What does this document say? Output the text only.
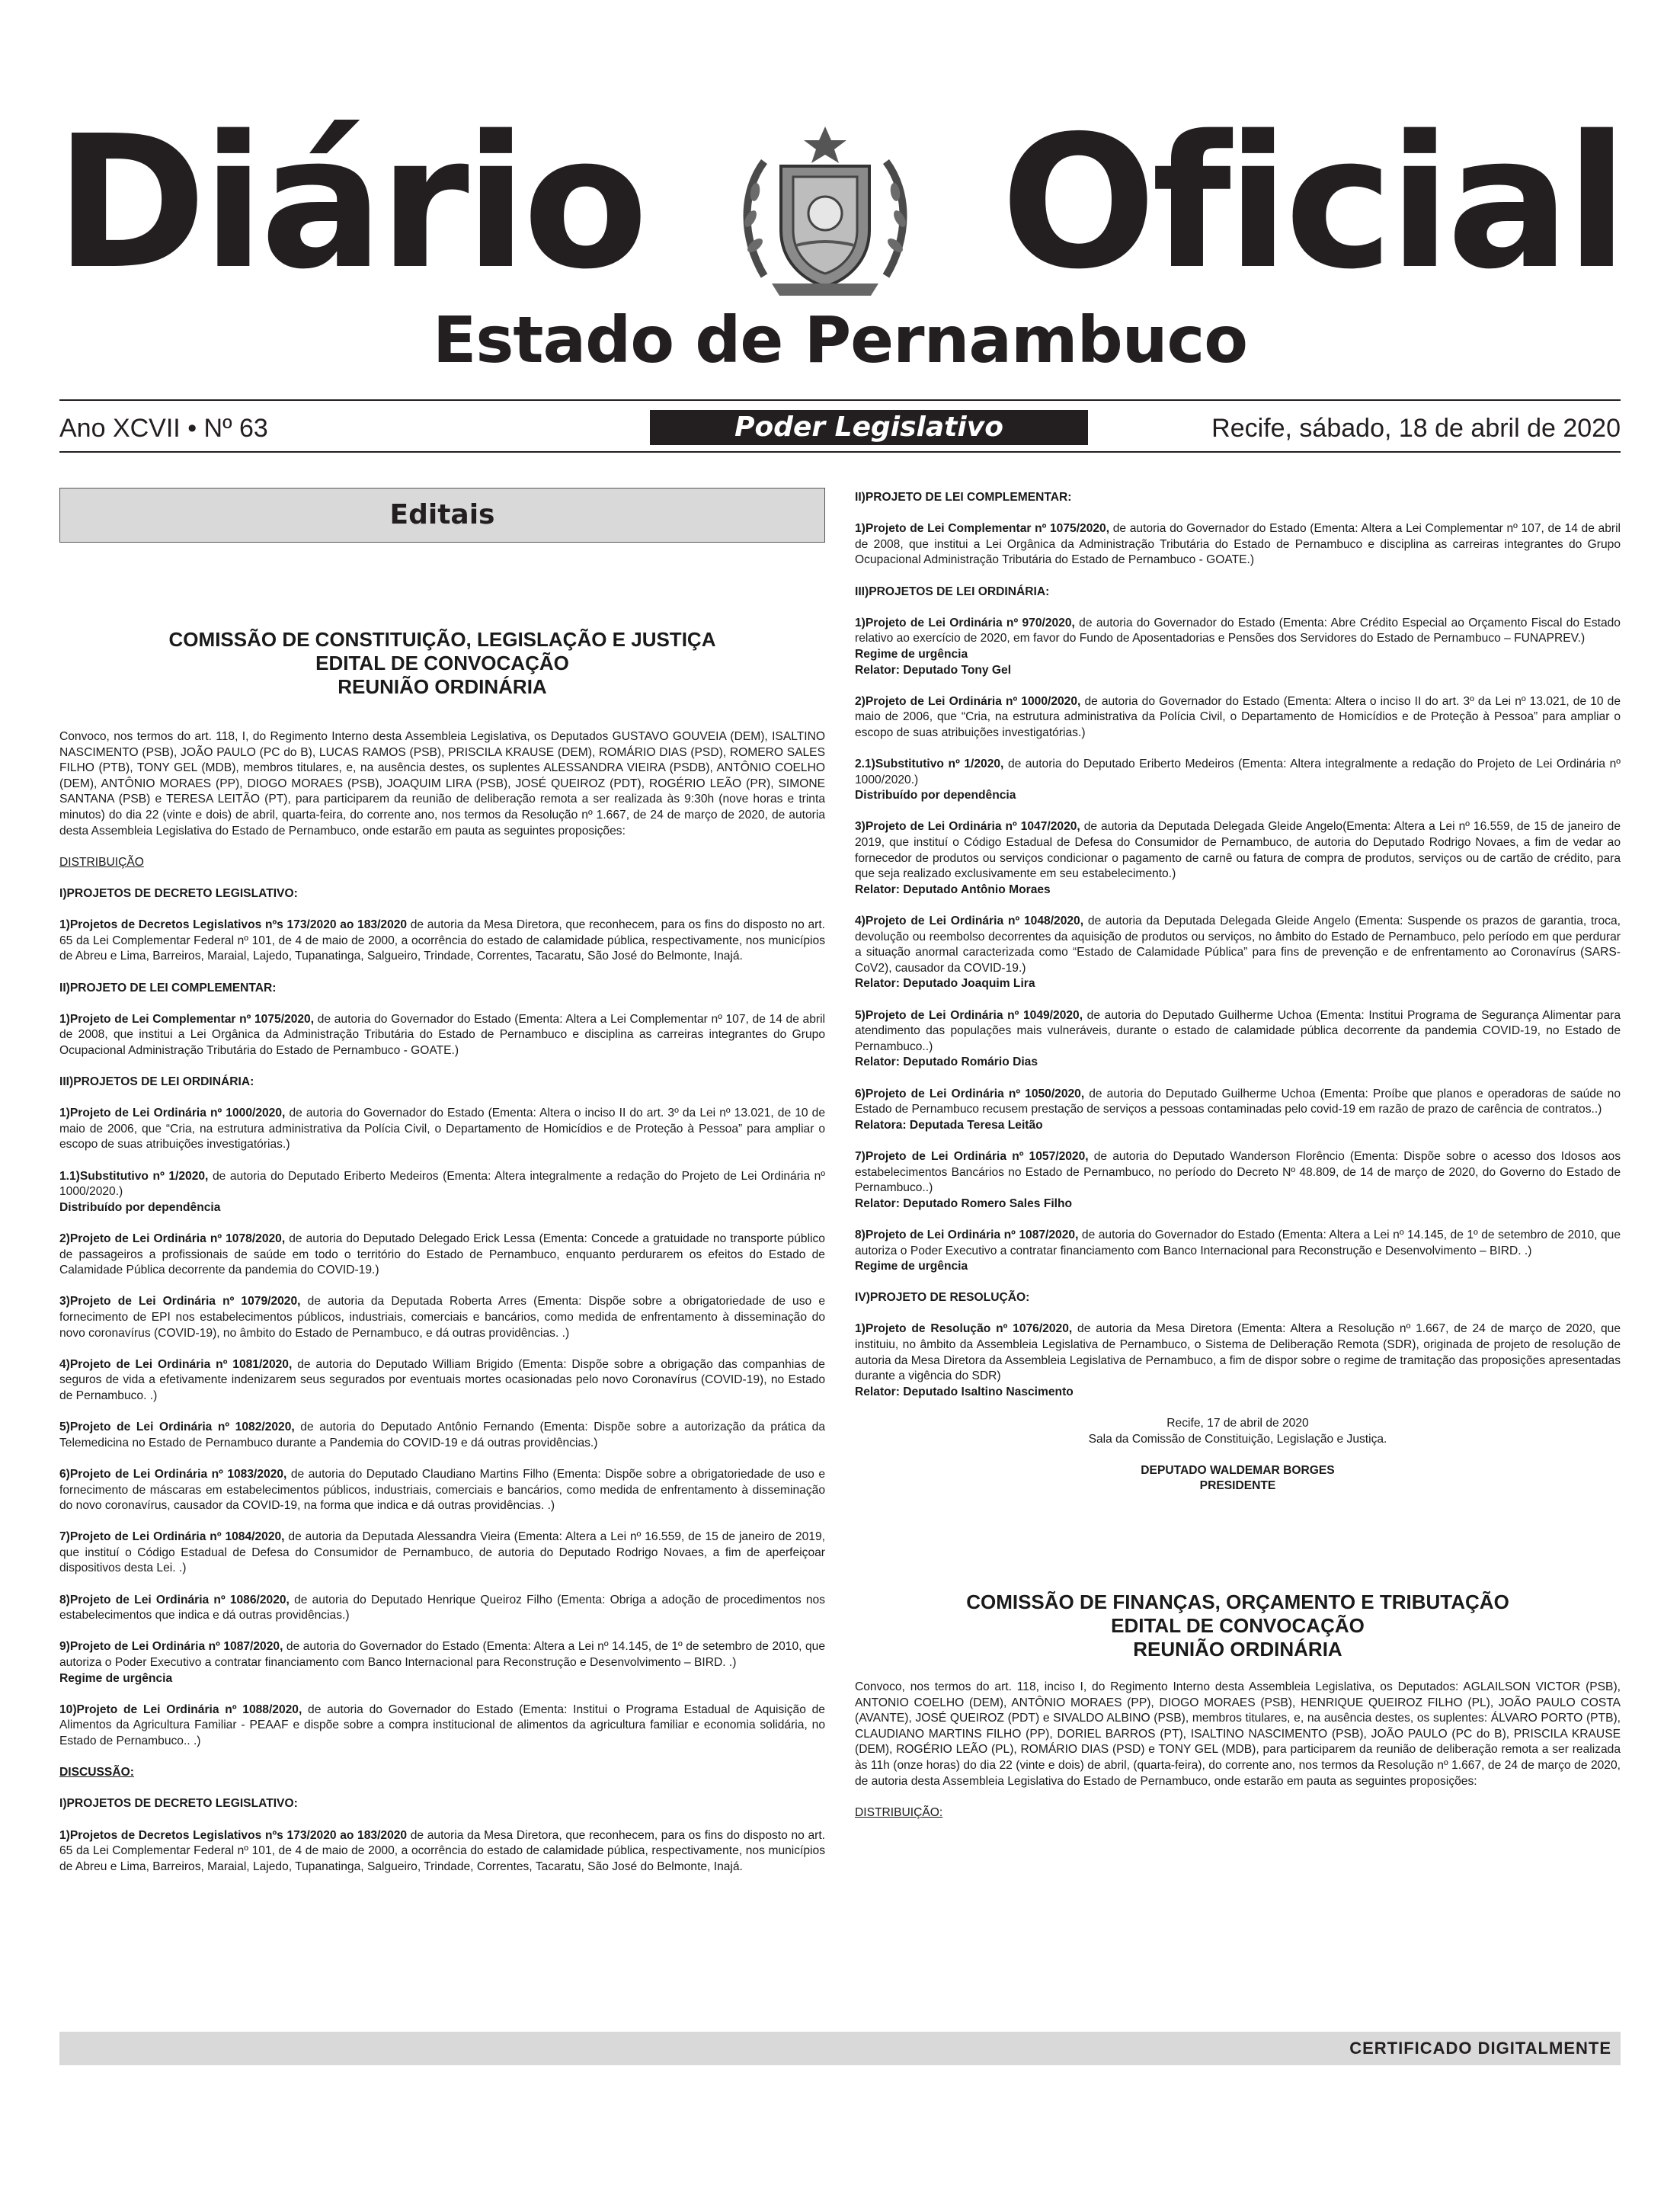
Diário Oficial
Estado de Pernambuco
Ano XCVII • Nº 63	Poder Legislativo	Recife, sábado, 18 de abril de 2020
Editais
COMISSÃO DE CONSTITUIÇÃO, LEGISLAÇÃO E JUSTIÇA
EDITAL DE CONVOCAÇÃO
REUNIÃO ORDINÁRIA

Convoco, nos termos do art. 118, I, do Regimento Interno desta Assembleia Legislativa, os Deputados GUSTAVO GOUVEIA (DEM), ISALTINO NASCIMENTO (PSB), JOÃO PAULO (PC do B), LUCAS RAMOS (PSB), PRISCILA KRAUSE (DEM), ROMÁRIO DIAS (PSD), ROMERO SALES FILHO (PTB), TONY GEL (MDB), membros titulares, e, na ausência destes, os suplentes ALESSANDRA VIEIRA (PSDB), ANTÔNIO COELHO (DEM), ANTÔNIO MORAES (PP), DIOGO MORAES (PSB), JOAQUIM LIRA (PSB), JOSÉ QUEIROZ (PDT), ROGÉRIO LEÃO (PR), SIMONE SANTANA (PSB) e TERESA LEITÃO (PT), para participarem da reunião de deliberação remota a ser realizada às 9:30h (nove horas e trinta minutos) do dia 22 (vinte e dois) de abril, quarta-feira, do corrente ano, nos termos da Resolução nº 1.667, de 24 de março de 2020, de autoria desta Assembleia Legislativa do Estado de Pernambuco, onde estarão em pauta as seguintes proposições:

DISTRIBUIÇÃO

I)PROJETOS DE DECRETO LEGISLATIVO:

1)Projetos de Decretos Legislativos nºs 173/2020 ao 183/2020 de autoria da Mesa Diretora, que reconhecem, para os fins do disposto no art. 65 da Lei Complementar Federal nº 101, de 4 de maio de 2000, a ocorrência do estado de calamidade pública, respectivamente, nos municípios de Abreu e Lima, Barreiros, Maraial, Lajedo, Tupanatinga, Salgueiro, Trindade, Correntes, Tacaratu, São José do Belmonte, Inajá.

II)PROJETO DE LEI COMPLEMENTAR:

1)Projeto de Lei Complementar nº 1075/2020, de autoria do Governador do Estado (Ementa: Altera a Lei Complementar nº 107, de 14 de abril de 2008, que institui a Lei Orgânica da Administração Tributária do Estado de Pernambuco e disciplina as carreiras integrantes do Grupo Ocupacional Administração Tributária do Estado de Pernambuco - GOATE.)

III)PROJETOS DE LEI ORDINÁRIA:

1)Projeto de Lei Ordinária nº 1000/2020, de autoria do Governador do Estado (Ementa: Altera o inciso II do art. 3º da Lei nº 13.021, de 10 de maio de 2006, que “Cria, na estrutura administrativa da Polícia Civil, o Departamento de Homicídios e de Proteção à Pessoa” para ampliar o escopo de suas atribuições investigatórias.)

1.1)Substitutivo nº 1/2020, de autoria do Deputado Eriberto Medeiros (Ementa: Altera integralmente a redação do Projeto de Lei Ordinária nº 1000/2020.)

Distribuído por dependência

2)Projeto de Lei Ordinária nº 1078/2020, de autoria do Deputado Delegado Erick Lessa (Ementa: Concede a gratuidade no transporte público de passageiros a profissionais de saúde em todo o território do Estado de Pernambuco, enquanto perdurarem os efeitos do Estado de Calamidade Pública decorrente da pandemia do COVID-19.)

3)Projeto de Lei Ordinária nº 1079/2020, de autoria da Deputada Roberta Arres (Ementa: Dispõe sobre a obrigatoriedade de uso e fornecimento de EPI nos estabelecimentos públicos, industriais, comerciais e bancários, como medida de enfrentamento à disseminação do novo coronavírus (COVID-19), no âmbito do Estado de Pernambuco, e dá outras providências. .)

4)Projeto de Lei Ordinária nº 1081/2020, de autoria do Deputado William Brigido (Ementa: Dispõe sobre a obrigação das companhias de seguros de vida a efetivamente indenizarem seus segurados por eventuais mortes ocasionadas pelo novo Coronavírus (COVID-19), no Estado de Pernambuco. .)

5)Projeto de Lei Ordinária nº 1082/2020, de autoria do Deputado Antônio Fernando (Ementa: Dispõe sobre a autorização da prática da Telemedicina no Estado de Pernambuco durante a Pandemia do COVID-19 e dá outras providências.)

6)Projeto de Lei Ordinária nº 1083/2020, de autoria do Deputado Claudiano Martins Filho (Ementa: Dispõe sobre a obrigatoriedade de uso e fornecimento de máscaras em estabelecimentos públicos, industriais, comerciais e bancários, como medida de enfrentamento à disseminação do novo coronavírus, causador da COVID-19, na forma que indica e dá outras providências. .)

7)Projeto de Lei Ordinária nº 1084/2020, de autoria da Deputada Alessandra Vieira (Ementa: Altera a Lei nº 16.559, de 15 de janeiro de 2019, que instituí o Código Estadual de Defesa do Consumidor de Pernambuco, de autoria do Deputado Rodrigo Novaes, a fim de aperfeiçoar dispositivos desta Lei. .)

8)Projeto de Lei Ordinária nº 1086/2020, de autoria do Deputado Henrique Queiroz Filho (Ementa: Obriga a adoção de procedimentos nos estabelecimentos que indica e dá outras providências.)

9)Projeto de Lei Ordinária nº 1087/2020, de autoria do Governador do Estado (Ementa: Altera a Lei nº 14.145, de 1º de setembro de 2010, que autoriza o Poder Executivo a contratar financiamento com Banco Internacional para Reconstrução e Desenvolvimento – BIRD. .)

Regime de urgência

10)Projeto de Lei Ordinária nº 1088/2020, de autoria do Governador do Estado (Ementa: Institui o Programa Estadual de Aquisição de Alimentos da Agricultura Familiar - PEAAF e dispõe sobre a compra institucional de alimentos da agricultura familiar e economia solidária, no Estado de Pernambuco.. .)

DISCUSSÃO:

I)PROJETOS DE DECRETO LEGISLATIVO:

1)Projetos de Decretos Legislativos nºs 173/2020 ao 183/2020 de autoria da Mesa Diretora, que reconhecem, para os fins do disposto no art. 65 da Lei Complementar Federal nº 101, de 4 de maio de 2000, a ocorrência do estado de calamidade pública, respectivamente, nos municípios de Abreu e Lima, Barreiros, Maraial, Lajedo, Tupanatinga, Salgueiro, Trindade, Correntes, Tacaratu, São José do Belmonte, Inajá.

II)PROJETO DE LEI COMPLEMENTAR:

1)Projeto de Lei Complementar nº 1075/2020, de autoria do Governador do Estado (Ementa: Altera a Lei Complementar nº 107, de 14 de abril de 2008, que institui a Lei Orgânica da Administração Tributária do Estado de Pernambuco e disciplina as carreiras integrantes do Grupo Ocupacional Administração Tributária do Estado de Pernambuco - GOATE.)

III)PROJETOS DE LEI ORDINÁRIA:

1)Projeto de Lei Ordinária nº 970/2020, de autoria do Governador do Estado (Ementa: Abre Crédito Especial ao Orçamento Fiscal do Estado relativo ao exercício de 2020, em favor do Fundo de Aposentadorias e Pensões dos Servidores do Estado de Pernambuco – FUNAPREV.)

Regime de urgência

Relator: Deputado Tony Gel

2)Projeto de Lei Ordinária nº 1000/2020, de autoria do Governador do Estado (Ementa: Altera o inciso II do art. 3º da Lei nº 13.021, de 10 de maio de 2006, que “Cria, na estrutura administrativa da Polícia Civil, o Departamento de Homicídios e de Proteção à Pessoa” para ampliar o escopo de suas atribuições investigatórias.)

2.1)Substitutivo nº 1/2020, de autoria do Deputado Eriberto Medeiros (Ementa: Altera integralmente a redação do Projeto de Lei Ordinária nº 1000/2020.)

Distribuído por dependência

3)Projeto de Lei Ordinária nº 1047/2020, de autoria da Deputada Delegada Gleide Angelo(Ementa: Altera a Lei nº 16.559, de 15 de janeiro de 2019, que instituí o Código Estadual de Defesa do Consumidor de Pernambuco, de autoria do Deputado Rodrigo Novaes, a fim de vedar ao fornecedor de produtos ou serviços condicionar o pagamento de carnê ou fatura de compra de produtos, serviços ou de cartão de crédito, para que seja realizado exclusivamente em seu estabelecimento.)

Relator: Deputado Antônio Moraes

4)Projeto de Lei Ordinária nº 1048/2020, de autoria da Deputada Delegada Gleide Angelo (Ementa: Suspende os prazos de garantia, troca, devolução ou reembolso decorrentes da aquisição de produtos ou serviços, no âmbito do Estado de Pernambuco, pelo período em que perdurar a situação anormal caracterizada como “Estado de Calamidade Pública” para fins de prevenção e de enfrentamento ao Coronavírus (SARS-CoV2), causador da COVID-19.)

Relator: Deputado Joaquim Lira

5)Projeto de Lei Ordinária nº 1049/2020, de autoria do Deputado Guilherme Uchoa (Ementa: Institui Programa de Segurança Alimentar para atendimento das populações mais vulneráveis, durante o estado de calamidade pública decorrente da pandemia COVID-19, no Estado de Pernambuco..)

Relator: Deputado Romário Dias

6)Projeto de Lei Ordinária nº 1050/2020, de autoria do Deputado Guilherme Uchoa (Ementa: Proíbe que planos e operadoras de saúde no Estado de Pernambuco recusem prestação de serviços a pessoas contaminadas pelo covid-19 em razão de prazo de carência de contratos..)

Relatora: Deputada Teresa Leitão

7)Projeto de Lei Ordinária nº 1057/2020, de autoria do Deputado Wanderson Florêncio (Ementa: Dispõe sobre o acesso dos Idosos aos estabelecimentos Bancários no Estado de Pernambuco, no período do Decreto Nº 48.809, de 14 de março de 2020, do Governo do Estado de Pernambuco..)

Relator: Deputado Romero Sales Filho

8)Projeto de Lei Ordinária nº 1087/2020, de autoria do Governador do Estado (Ementa: Altera a Lei nº 14.145, de 1º de setembro de 2010, que autoriza o Poder Executivo a contratar financiamento com Banco Internacional para Reconstrução e Desenvolvimento – BIRD. .)

Regime de urgência

IV)PROJETO DE RESOLUÇÃO:

1)Projeto de Resolução nº 1076/2020, de autoria da Mesa Diretora (Ementa: Altera a Resolução nº 1.667, de 24 de março de 2020, que instituiu, no âmbito da Assembleia Legislativa de Pernambuco, o Sistema de Deliberação Remota (SDR), originada de projeto de resolução de autoria da Mesa Diretora da Assembleia Legislativa de Pernambuco, a fim de dispor sobre o regime de tramitação das proposições apresentadas durante a vigência do SDR)

Relator: Deputado Isaltino Nascimento

Recife, 17 de abril de 2020

Sala da Comissão de Constituição, Legislação e Justiça.

DEPUTADO WALDEMAR BORGES

PRESIDENTE

COMISSÃO DE FINANÇAS, ORÇAMENTO E TRIBUTAÇÃO
EDITAL DE CONVOCAÇÃO
REUNIÃO ORDINÁRIA

Convoco, nos termos do art. 118, inciso I, do Regimento Interno desta Assembleia Legislativa, os Deputados: AGLAILSON VICTOR (PSB), ANTONIO COELHO (DEM), ANTÔNIO MORAES (PP), DIOGO MORAES (PSB), HENRIQUE QUEIROZ FILHO (PL), JOÃO PAULO COSTA (AVANTE), JOSÉ QUEIROZ (PDT) e SIVALDO ALBINO (PSB), membros titulares, e, na ausência destes, os suplentes: ÁLVARO PORTO (PTB), CLAUDIANO MARTINS FILHO (PP), DORIEL BARROS (PT), ISALTINO NASCIMENTO (PSB), JOÃO PAULO (PC do B), PRISCILA KRAUSE (DEM), ROGÉRIO LEÃO (PL), ROMÁRIO DIAS (PSD) e TONY GEL (MDB), para participarem da reunião de deliberação remota a ser realizada às 11h (onze horas) do dia 22 (vinte e dois) de abril, (quarta-feira), do corrente ano, nos termos da Resolução nº 1.667, de 24 de março de 2020, de autoria desta Assembleia Legislativa do Estado de Pernambuco, onde estarão em pauta as seguintes proposições:

DISTRIBUIÇÃO:

CERTIFICADO DIGITALMENTE
